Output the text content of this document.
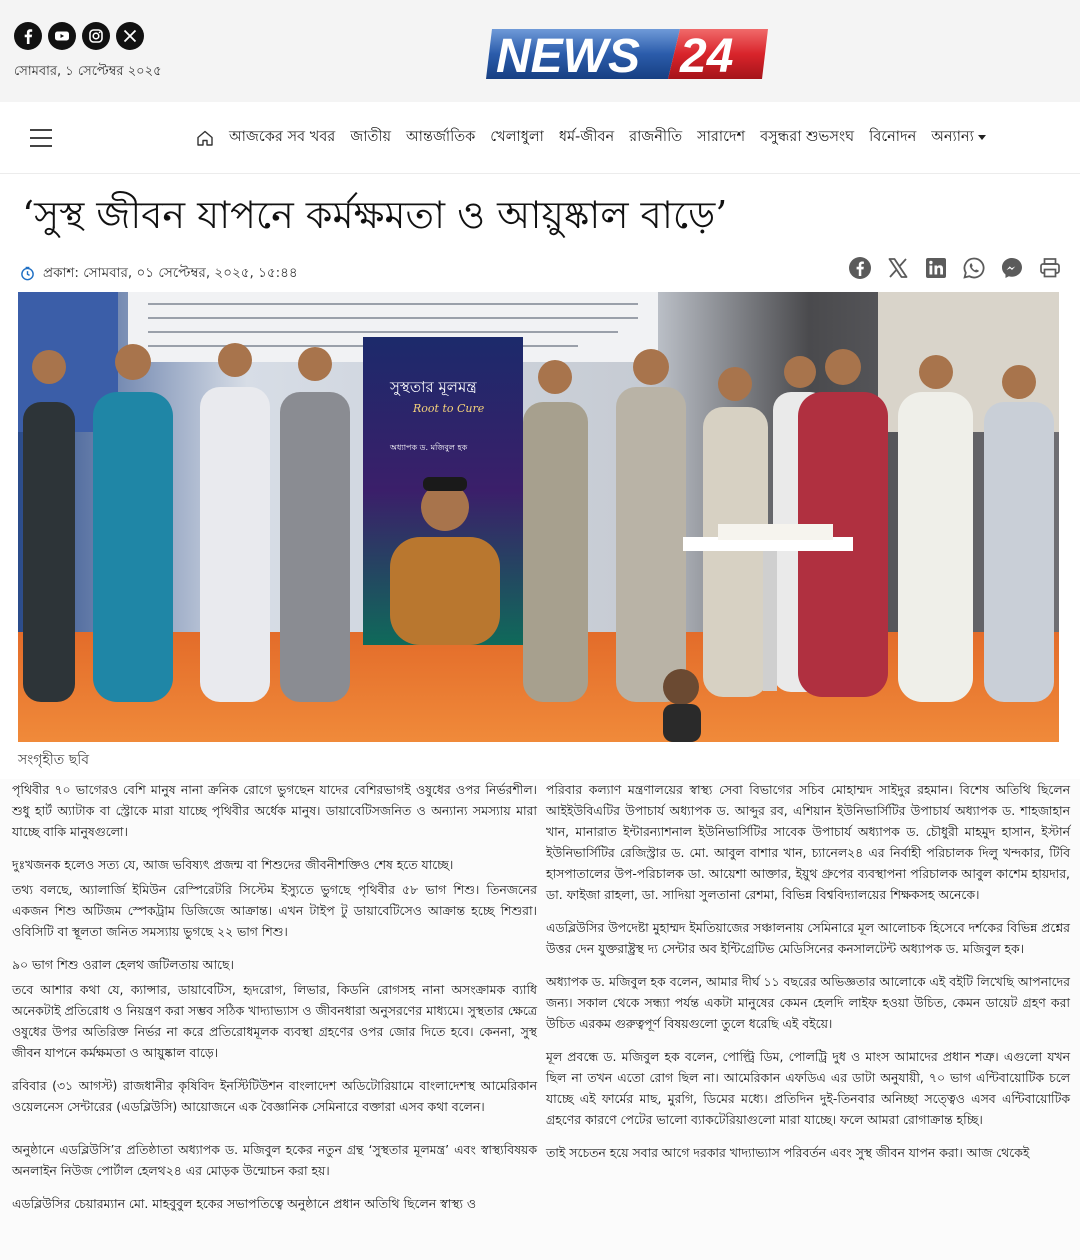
সোমবার, ১ সেপ্টেম্বর ২০২৫	NEWS 24
আজকের সব খবর জাতীয় আন্তর্জাতিক খেলাধুলা ধর্ম-জীবন রাজনীতি সারাদেশ বসুন্ধরা শুভসংঘ বিনোদন অন্যান্য
‘সুস্থ জীবন যাপনে কর্মক্ষমতা ও আয়ুষ্কাল বাড়ে’
প্রকাশ: সোমবার, ০১ সেপ্টেম্বর, ২০২৫, ১৫:৪৪
সুস্থতার মূলমন্ত্র
Root to Cure
অধ্যাপক ড. মজিবুল হক
সংগৃহীত ছবি

পৃথিবীর ৭০ ভাগেরও বেশি মানুষ নানা ক্রনিক রোগে ভুগছেন যাদের বেশিরভাগই ওষুধের ওপর নির্ভরশীল। শুধু হার্ট অ্যাটাক বা স্ট্রোকে মারা যাচ্ছে পৃথিবীর অর্ধেক মানুষ। ডায়াবেটিসজনিত ও অন্যান্য সমস্যায় মারা যাচ্ছে বাকি মানুষগুলো।

দুঃখজনক হলেও সত্য যে, আজ ভবিষ্যৎ প্রজন্ম বা শিশুদের জীবনীশক্তিও শেষ হতে যাচ্ছে।

তথ্য বলছে, অ্যালার্জি ইমিউন রেস্পিরেটরি সিস্টেম ইস্যুতে ভুগছে পৃথিবীর ৫৮ ভাগ শিশু। তিনজনের একজন শিশু অটিজম স্পেকট্রাম ডিজিজে আক্রান্ত। এখন টাইপ টু ডায়াবেটিসেও আক্রান্ত হচ্ছে শিশুরা। ওবিসিটি বা স্থূলতা জনিত সমস্যায় ভুগছে ২২ ভাগ শিশু।

৯০ ভাগ শিশু ওরাল হেলথ জটিলতায় আছে।

তবে আশার কথা যে, ক্যান্সার, ডায়াবেটিস, হৃদরোগ, লিভার, কিডনি রোগসহ নানা অসংক্রামক ব্যাধি অনেকটাই প্রতিরোধ ও নিয়ন্ত্রণ করা সম্ভব সঠিক খাদ্যাভ্যাস ও জীবনধারা অনুসরণের মাধ্যমে। সুস্থতার ক্ষেত্রে ওষুধের উপর অতিরিক্ত নির্ভর না করে প্রতিরোধমূলক ব্যবস্থা গ্রহণের ওপর জোর দিতে হবে। কেননা, সুস্থ জীবন যাপনে কর্মক্ষমতা ও আয়ুষ্কাল বাড়ে।

রবিবার (৩১ আগস্ট) রাজধানীর কৃষিবিদ ইনস্টিটিউশন বাংলাদেশ অডিটোরিয়ামে বাংলাদেশস্থ আমেরিকান ওয়েলনেস সেন্টারের (এডব্লিউসি) আয়োজনে এক বৈজ্ঞানিক সেমিনারে বক্তারা এসব কথা বলেন।

অনুষ্ঠানে এডব্লিউসি’র প্রতিষ্ঠাতা অধ্যাপক ড. মজিবুল হকের নতুন গ্রন্থ ‘সুস্থতার মূলমন্ত্র’ এবং স্বাস্থ্যবিষয়ক অনলাইন নিউজ পোর্টাল হেলথ২৪ এর মোড়ক উন্মোচন করা হয়।

এডব্লিউসির চেয়ারম্যান মো. মাহবুবুল হকের সভাপতিত্বে অনুষ্ঠানে প্রধান অতিথি ছিলেন স্বাস্থ্য ও

পরিবার কল্যাণ মন্ত্রণালয়ের স্বাস্থ্য সেবা বিভাগের সচিব মোহাম্মদ সাইদুর রহমান। বিশেষ অতিথি ছিলেন আইইউবিএটির উপাচার্য অধ্যাপক ড. আব্দুর রব, এশিয়ান ইউনিভার্সিটির উপাচার্য অধ্যাপক ড. শাহজাহান খান, মানারাত ইন্টারন্যাশনাল ইউনিভার্সিটির সাবেক উপাচার্য অধ্যাপক ড. চৌধুরী মাহমুদ হাসান, ইস্টার্ন ইউনিভার্সিটির রেজিস্ট্রার ড. মো. আবুল বাশার খান, চ্যানেল২৪ এর নির্বাহী পরিচালক দিলু খন্দকার, টিবি হাসপাতালের উপ-পরিচালক ডা. আয়েশা আক্তার, ইয়ুথ গ্রুপের ব্যবস্থাপনা পরিচালক আবুল কাশেম হায়দার, ডা. ফাইজা রাহলা, ডা. সাদিয়া সুলতানা রেশমা, বিভিন্ন বিশ্ববিদ্যালয়ের শিক্ষকসহ অনেকে।

এডব্লিউসির উপদেষ্টা মুহাম্মদ ইমতিয়াজের সঞ্চালনায় সেমিনারে মূল আলোচক হিসেবে দর্শকের বিভিন্ন প্রশ্নের উত্তর দেন যুক্তরাষ্ট্রস্থ দ্য সেন্টার অব ইন্টিগ্রেটিভ মেডিসিনের কনসালটেন্ট অধ্যাপক ড. মজিবুল হক।

অধ্যাপক ড. মজিবুল হক বলেন, আমার দীর্ঘ ১১ বছরের অভিজ্ঞতার আলোকে এই বইটি লিখেছি আপনাদের জন্য। সকাল থেকে সন্ধ্যা পর্যন্ত একটা মানুষের কেমন হেলদি লাইফ হওয়া উচিত, কেমন ডায়েট গ্রহণ করা উচিত এরকম গুরুত্বপূর্ণ বিষয়গুলো তুলে ধরেছি এই বইয়ে।

মূল প্রবন্ধে ড. মজিবুল হক বলেন, পোল্ট্রি ডিম, পোলট্রি দুধ ও মাংস আমাদের প্রধান শত্রু। এগুলো যখন ছিল না তখন এতো রোগ ছিল না। আমেরিকান এফডিএ এর ডাটা অনুযায়ী, ৭০ ভাগ এন্টিবায়োটিক চলে যাচ্ছে এই ফার্মের মাছ, মুরগি, ডিমের মধ্যে। প্রতিদিন দুই-তিনবার অনিচ্ছা সত্ত্বেও এসব এন্টিবায়োটিক গ্রহণের কারণে পেটের ভালো ব্যাকটেরিয়াগুলো মারা যাচ্ছে। ফলে আমরা রোগাক্রান্ত হচ্ছি।

তাই সচেতন হয়ে সবার আগে দরকার খাদ্যাভ্যাস পরিবর্তন এবং সুস্থ জীবন যাপন করা। আজ থেকেই
